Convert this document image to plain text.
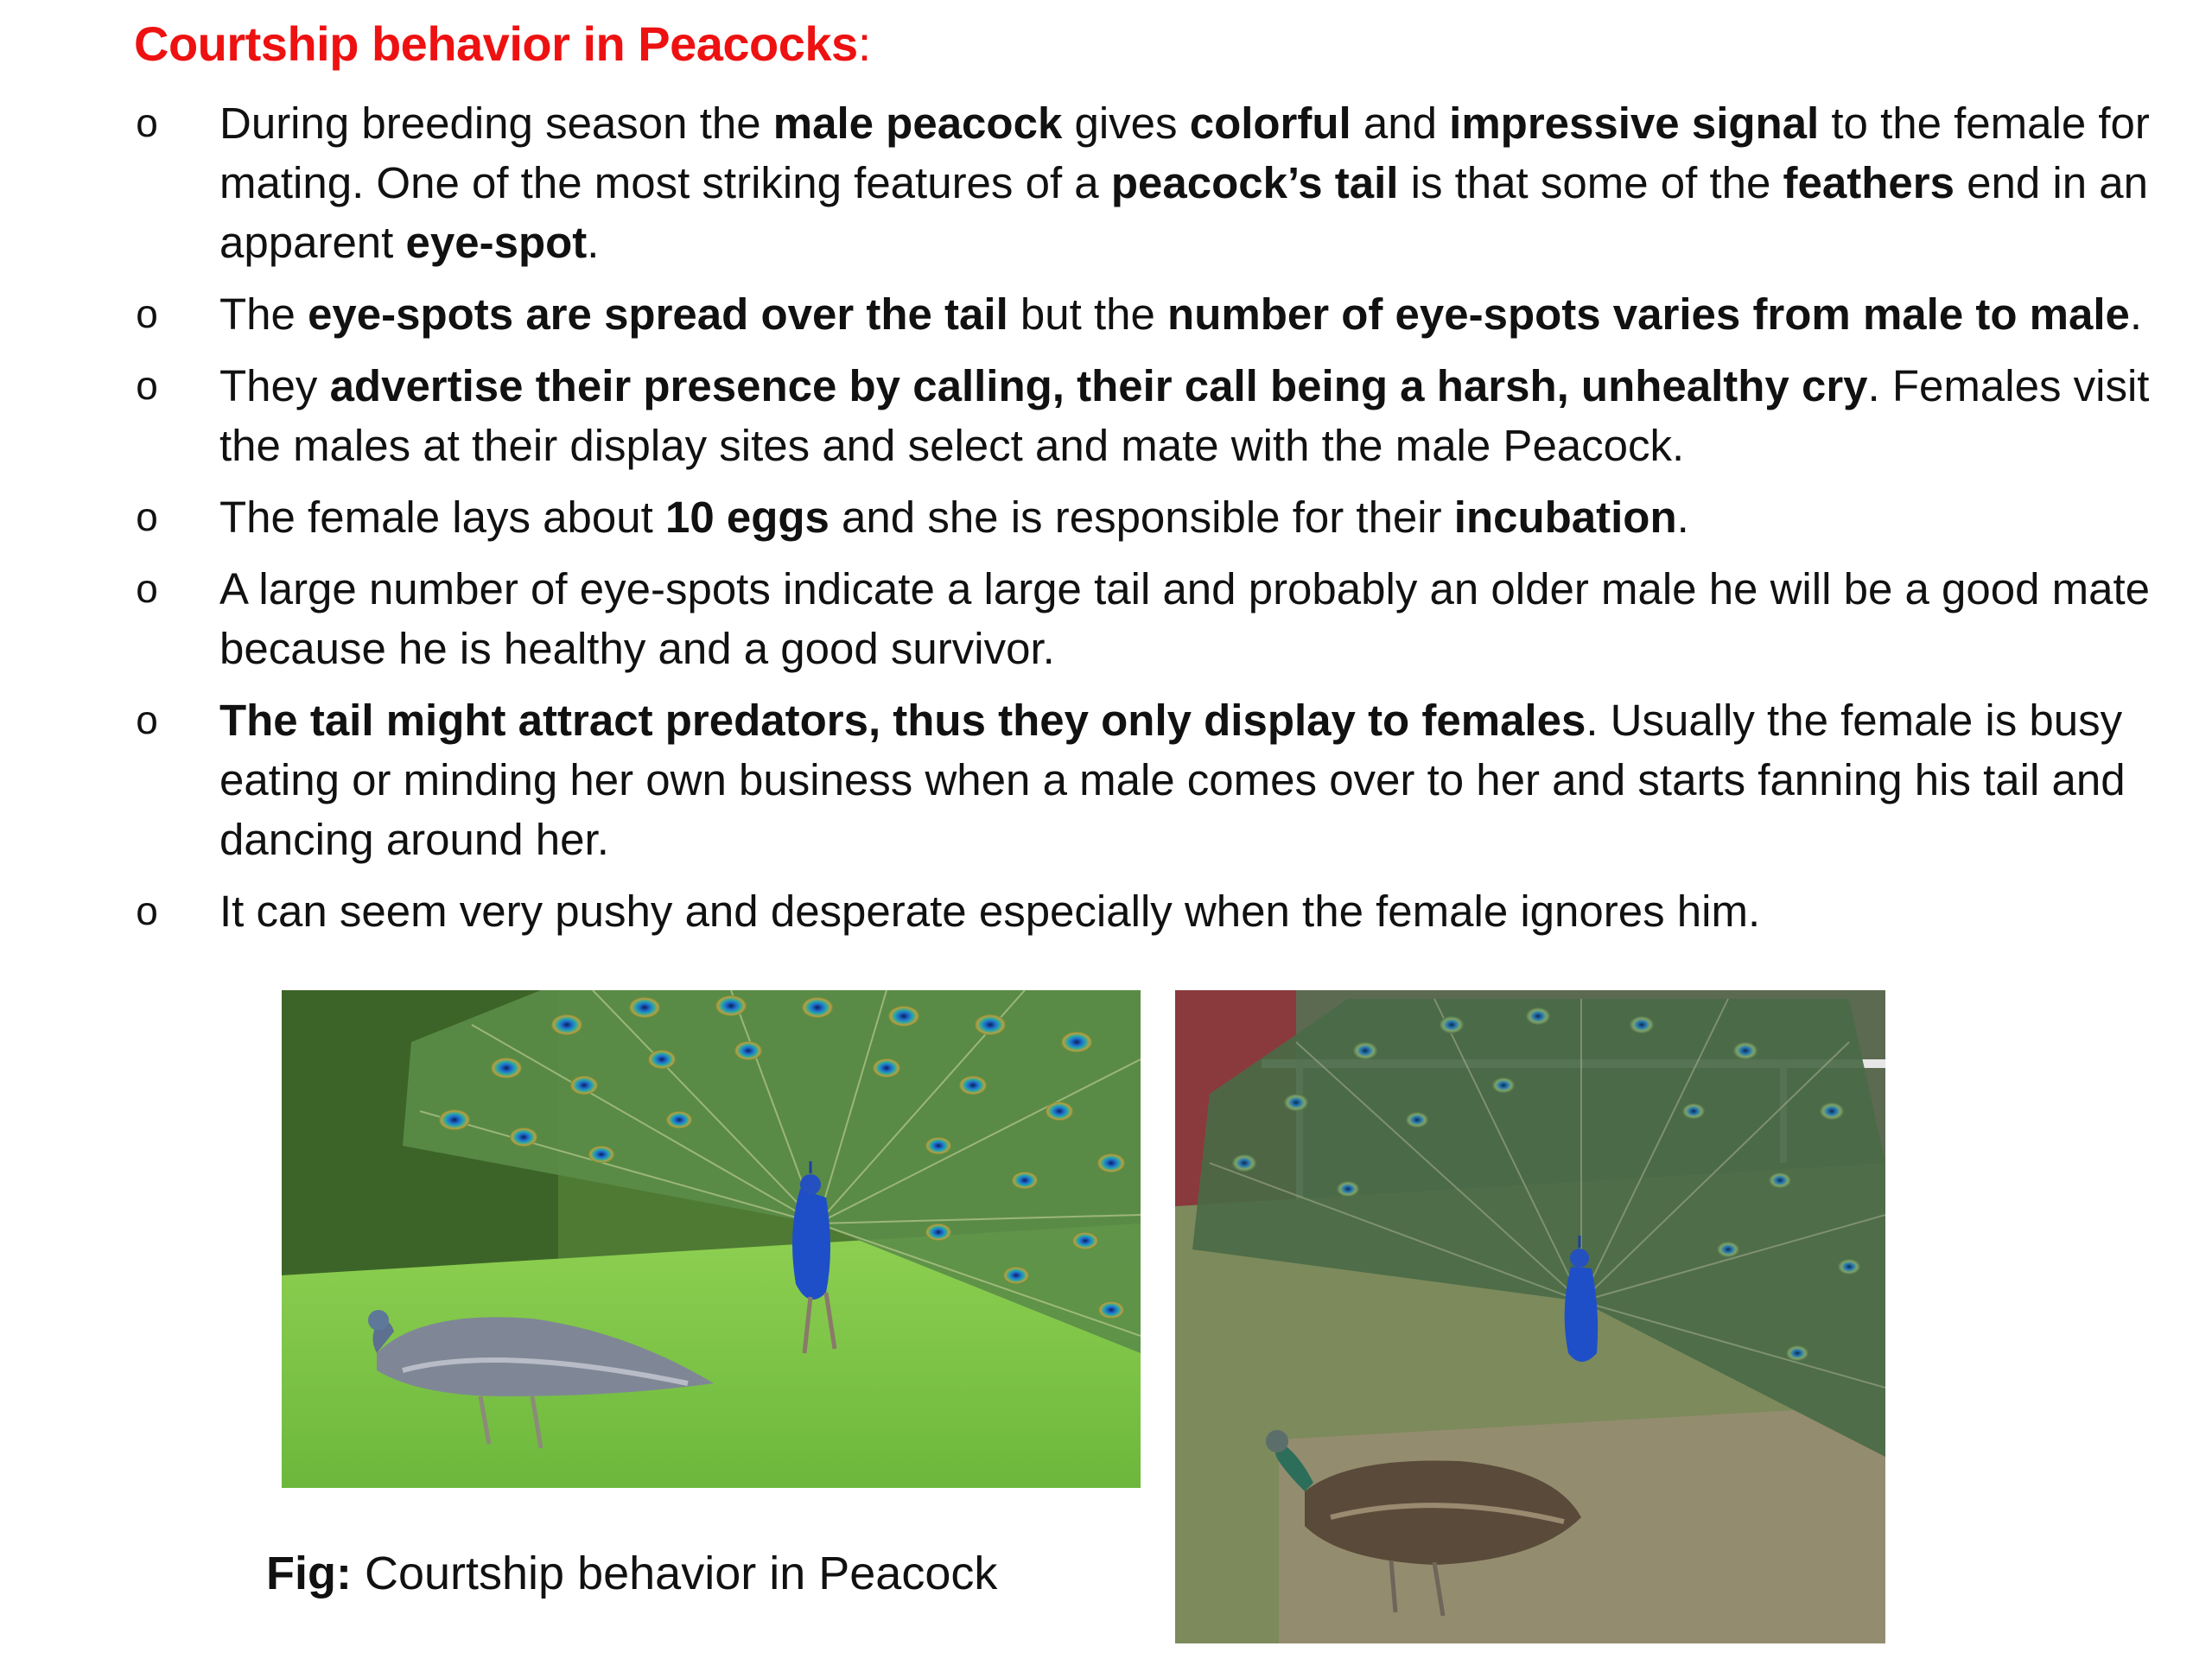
Courtship behavior in Peacocks:
o During breeding season the male peacock gives colorful and impressive signal to the female for mating. One of the most striking features of a peacock’s tail is that some of the feathers end in an apparent eye-spot.
o The eye-spots are spread over the tail but the number of eye-spots varies from male to male.
o They advertise their presence by calling, their call being a harsh, unhealthy cry. Females visit the males at their display sites and select and mate with the male Peacock.
o The female lays about 10 eggs and she is responsible for their incubation.
o A large number of eye-spots indicate a large tail and probably an older male he will be a good mate because he is healthy and a good survivor.
o The tail might attract predators, thus they only display to females. Usually the female is busy eating or minding her own business when a male comes over to her and starts fanning his tail and dancing around her.
o It can seem very pushy and desperate especially when the female ignores him.
Fig: Courtship behavior in Peacock
